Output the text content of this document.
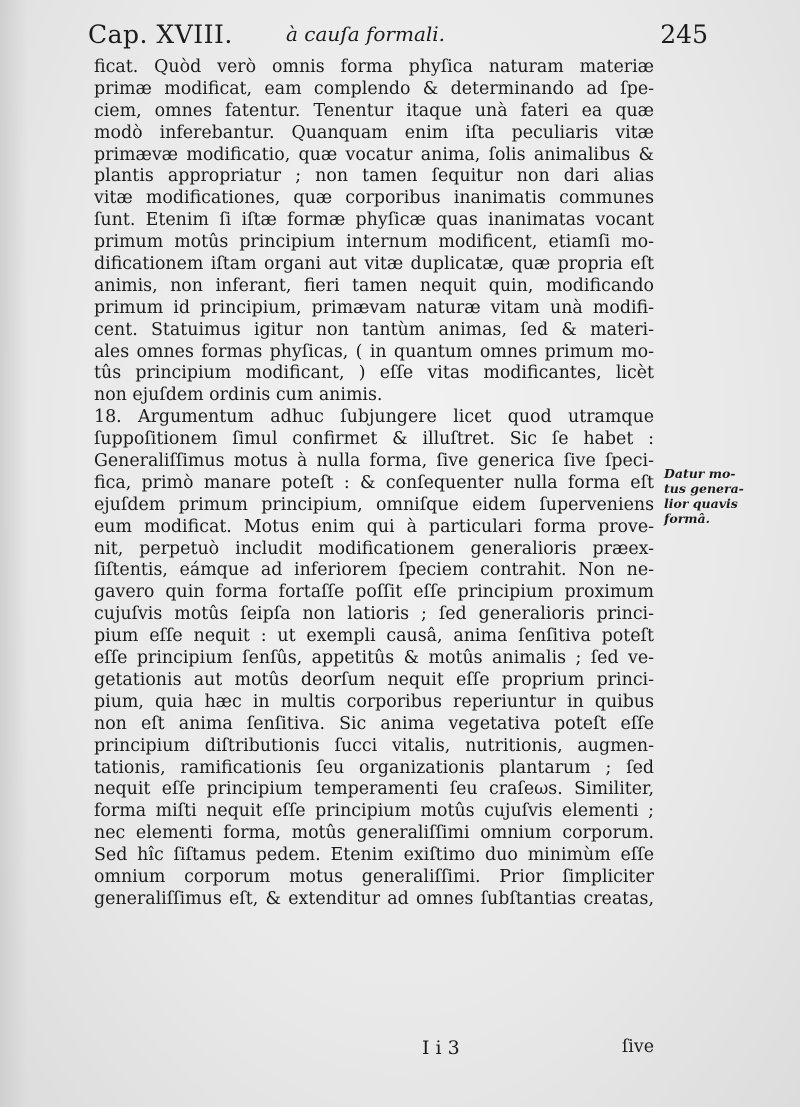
Cap. XVIII.	à cauſa formali.	245
ficat. Quòd verò omnis forma phyſica naturam materiæ
primæ modificat, eam complendo & determinando ad ſpe-
ciem, omnes fatentur. Tenentur itaque unà fateri ea quæ
modò inferebantur. Quanquam enim iſta peculiaris vitæ
primævæ modificatio, quæ vocatur anima, ſolis animalibus &
plantis appropriatur ; non tamen ſequitur non dari alias
vitæ modificationes, quæ corporibus inanimatis communes
ſunt. Etenim ſi iſtæ formæ phyſicæ quas inanimatas vocant
primum motûs principium internum modificent, etiamſi mo-
dificationem iſtam organi aut vitæ duplicatæ, quæ propria eſt
animis, non inferant, fieri tamen nequit quin, modificando
primum id principium, primævam naturæ vitam unà modifi-
cent. Statuimus igitur non tantùm animas, ſed & materi-
ales omnes formas phyſicas, ( in quantum omnes primum mo-
tûs principium modificant, ) eſſe vitas modificantes, licèt
non ejuſdem ordinis cum animis.
18. Argumentum adhuc ſubjungere licet quod utramque
ſuppoſitionem ſimul confirmet & illuſtret. Sic ſe habet :
Generaliſſimus motus à nulla forma, ſive generica ſive ſpeci-
fica, primò manare poteſt : & conſequenter nulla forma eſt
ejuſdem primum principium, omniſque eidem ſuperveniens
eum modificat. Motus enim qui à particulari forma prove-
nit, perpetuò includit modificationem generalioris præex-
ſiſtentis, eámque ad inferiorem ſpeciem contrahit. Non ne-
gavero quin forma fortaſſe poſſit eſſe principium proximum
cujuſvis motûs ſeipſa non latioris ; ſed generalioris princi-
pium eſſe nequit : ut exempli causâ, anima ſenſitiva poteſt
eſſe principium ſenſûs, appetitûs & motûs animalis ; ſed ve-
getationis aut motûs deorſum nequit eſſe proprium princi-
pium, quia hæc in multis corporibus reperiuntur in quibus
non eſt anima ſenſitiva. Sic anima vegetativa poteſt eſſe
principium diſtributionis ſucci vitalis, nutritionis, augmen-
tationis, ramificationis ſeu organizationis plantarum ; ſed
nequit eſſe principium temperamenti ſeu craſeωs. Similiter,
forma miſti nequit eſſe principium motûs cujuſvis elementi ;
nec elementi forma, motûs generaliſſimi omnium corporum.
Sed hîc ſiſtamus pedem. Etenim exiſtimo duo minimùm eſſe
omnium corporum motus generaliſſimi. Prior ſimpliciter
generaliſſimus eſt, & extenditur ad omnes ſubſtantias creatas,
Datur mo-
tus genera-
lior quavis
formâ.
I i 3	ſive
